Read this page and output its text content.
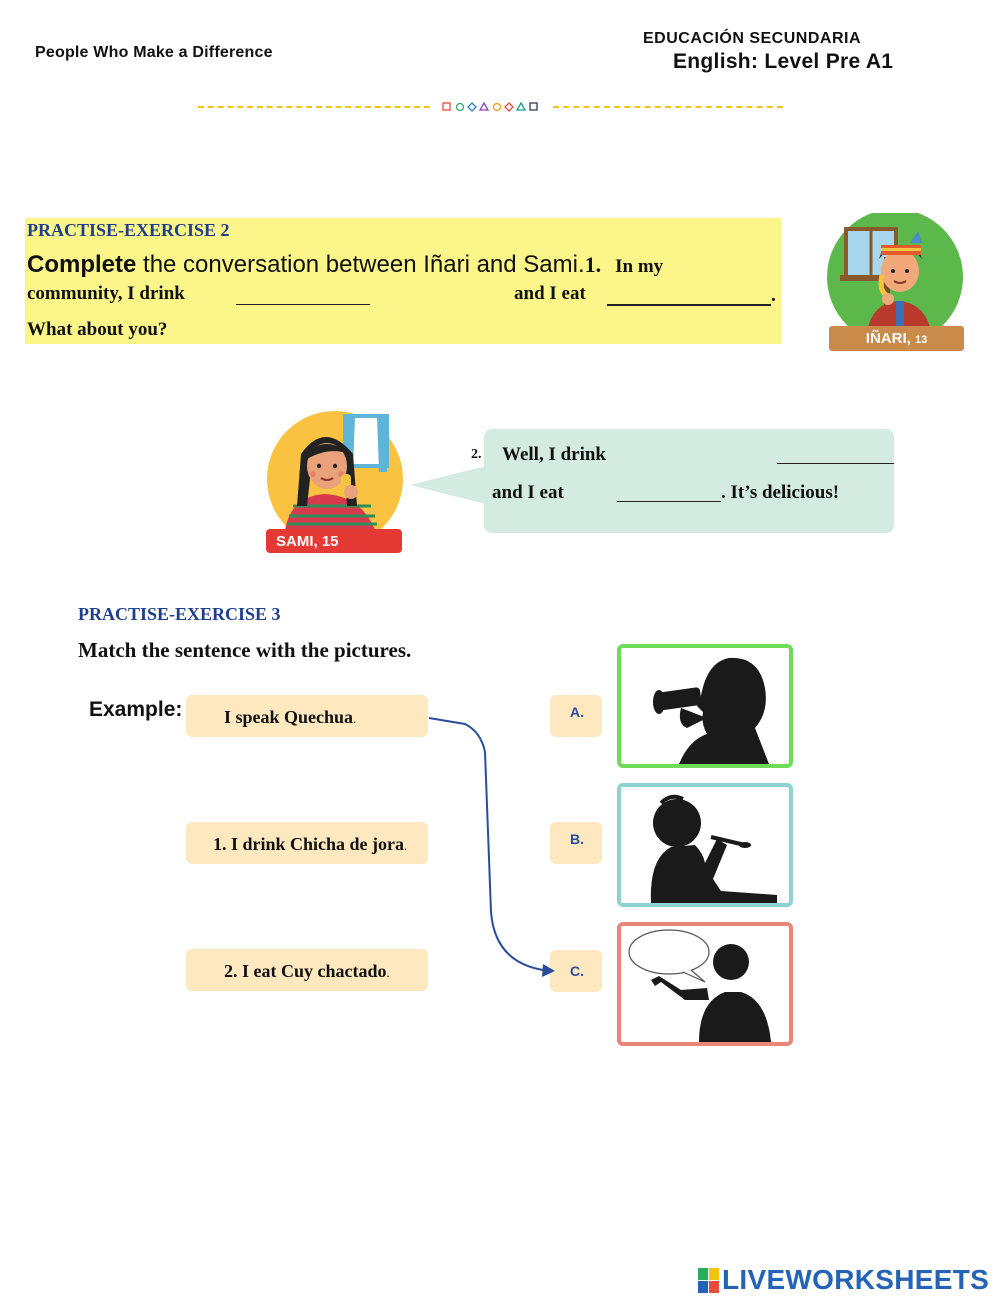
People Who Make a Difference
EDUCACIÓN SECUNDARIA
English: Level Pre A1
PRACTISE-EXERCISE 2
Complete the conversation between Iñari and Sami.1. In my
community, I drink	and I eat	.
What about you?	IÑARI, 13
SAMI, 15
2. Well, I drink
and I eat	. It’s delicious!
PRACTISE-EXERCISE 3
Match the sentence with the pictures.
Example:	I speak Quechua.
1. I drink Chicha de jora.
2. I eat Cuy chactado.
A.
B.
C.
LIVEWORKSHEETS
